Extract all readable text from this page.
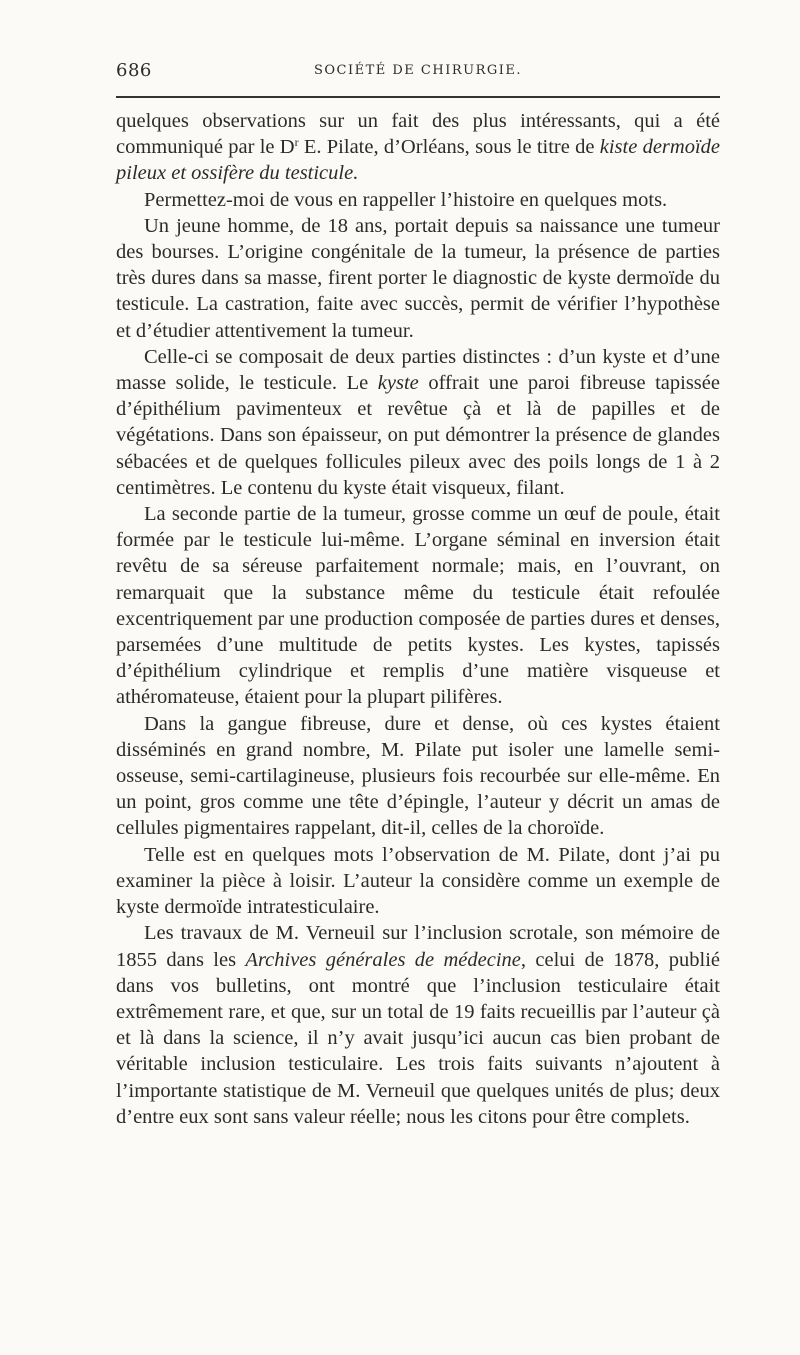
686	SOCIÉTÉ DE CHIRURGIE.

quelques observations sur un fait des plus intéressants, qui a été communiqué par le $D^r$ E. Pilate, d’Orléans, sous le titre de kiste dermoïde pileux et ossifère du testicule.

Permettez-moi de vous en rappeller l’histoire en quelques mots.

Un jeune homme, de 18 ans, portait depuis sa naissance une tumeur des bourses. L’origine congénitale de la tumeur, la présence de parties très dures dans sa masse, firent porter le diagnostic de kyste dermoïde du testicule. La castration, faite avec succès, permit de vérifier l’hypothèse et d’étudier attentivement la tumeur.

Celle-ci se composait de deux parties distinctes : d’un kyste et d’une masse solide, le testicule. Le kyste offrait une paroi fibreuse tapissée d’épithélium pavimenteux et revêtue çà et là de papilles et de végétations. Dans son épaisseur, on put démontrer la présence de glandes sébacées et de quelques follicules pileux avec des poils longs de 1 à 2 centimètres. Le contenu du kyste était visqueux, filant.

La seconde partie de la tumeur, grosse comme un œuf de poule, était formée par le testicule lui-même. L’organe séminal en inversion était revêtu de sa séreuse parfaitement normale; mais, en l’ouvrant, on remarquait que la substance même du testicule était refoulée excentriquement par une production composée de parties dures et denses, parsemées d’une multitude de petits kystes. Les kystes, tapissés d’épithélium cylindrique et remplis d’une matière visqueuse et athéromateuse, étaient pour la plupart pilifères.

Dans la gangue fibreuse, dure et dense, où ces kystes étaient disséminés en grand nombre, M. Pilate put isoler une lamelle semi-osseuse, semi-cartilagineuse, plusieurs fois recourbée sur elle-même. En un point, gros comme une tête d’épingle, l’auteur y décrit un amas de cellules pigmentaires rappelant, dit-il, celles de la choroïde.

Telle est en quelques mots l’observation de M. Pilate, dont j’ai pu examiner la pièce à loisir. L’auteur la considère comme un exemple de kyste dermoïde intratesticulaire.

Les travaux de M. Verneuil sur l’inclusion scrotale, son mémoire de 1855 dans les Archives générales de médecine, celui de 1878, publié dans vos bulletins, ont montré que l’inclusion testiculaire était extrêmement rare, et que, sur un total de 19 faits recueillis par l’auteur çà et là dans la science, il n’y avait jusqu’ici aucun cas bien probant de véritable inclusion testiculaire. Les trois faits suivants n’ajoutent à l’importante statistique de M. Verneuil que quelques unités de plus; deux d’entre eux sont sans valeur réelle; nous les citons pour être complets.
